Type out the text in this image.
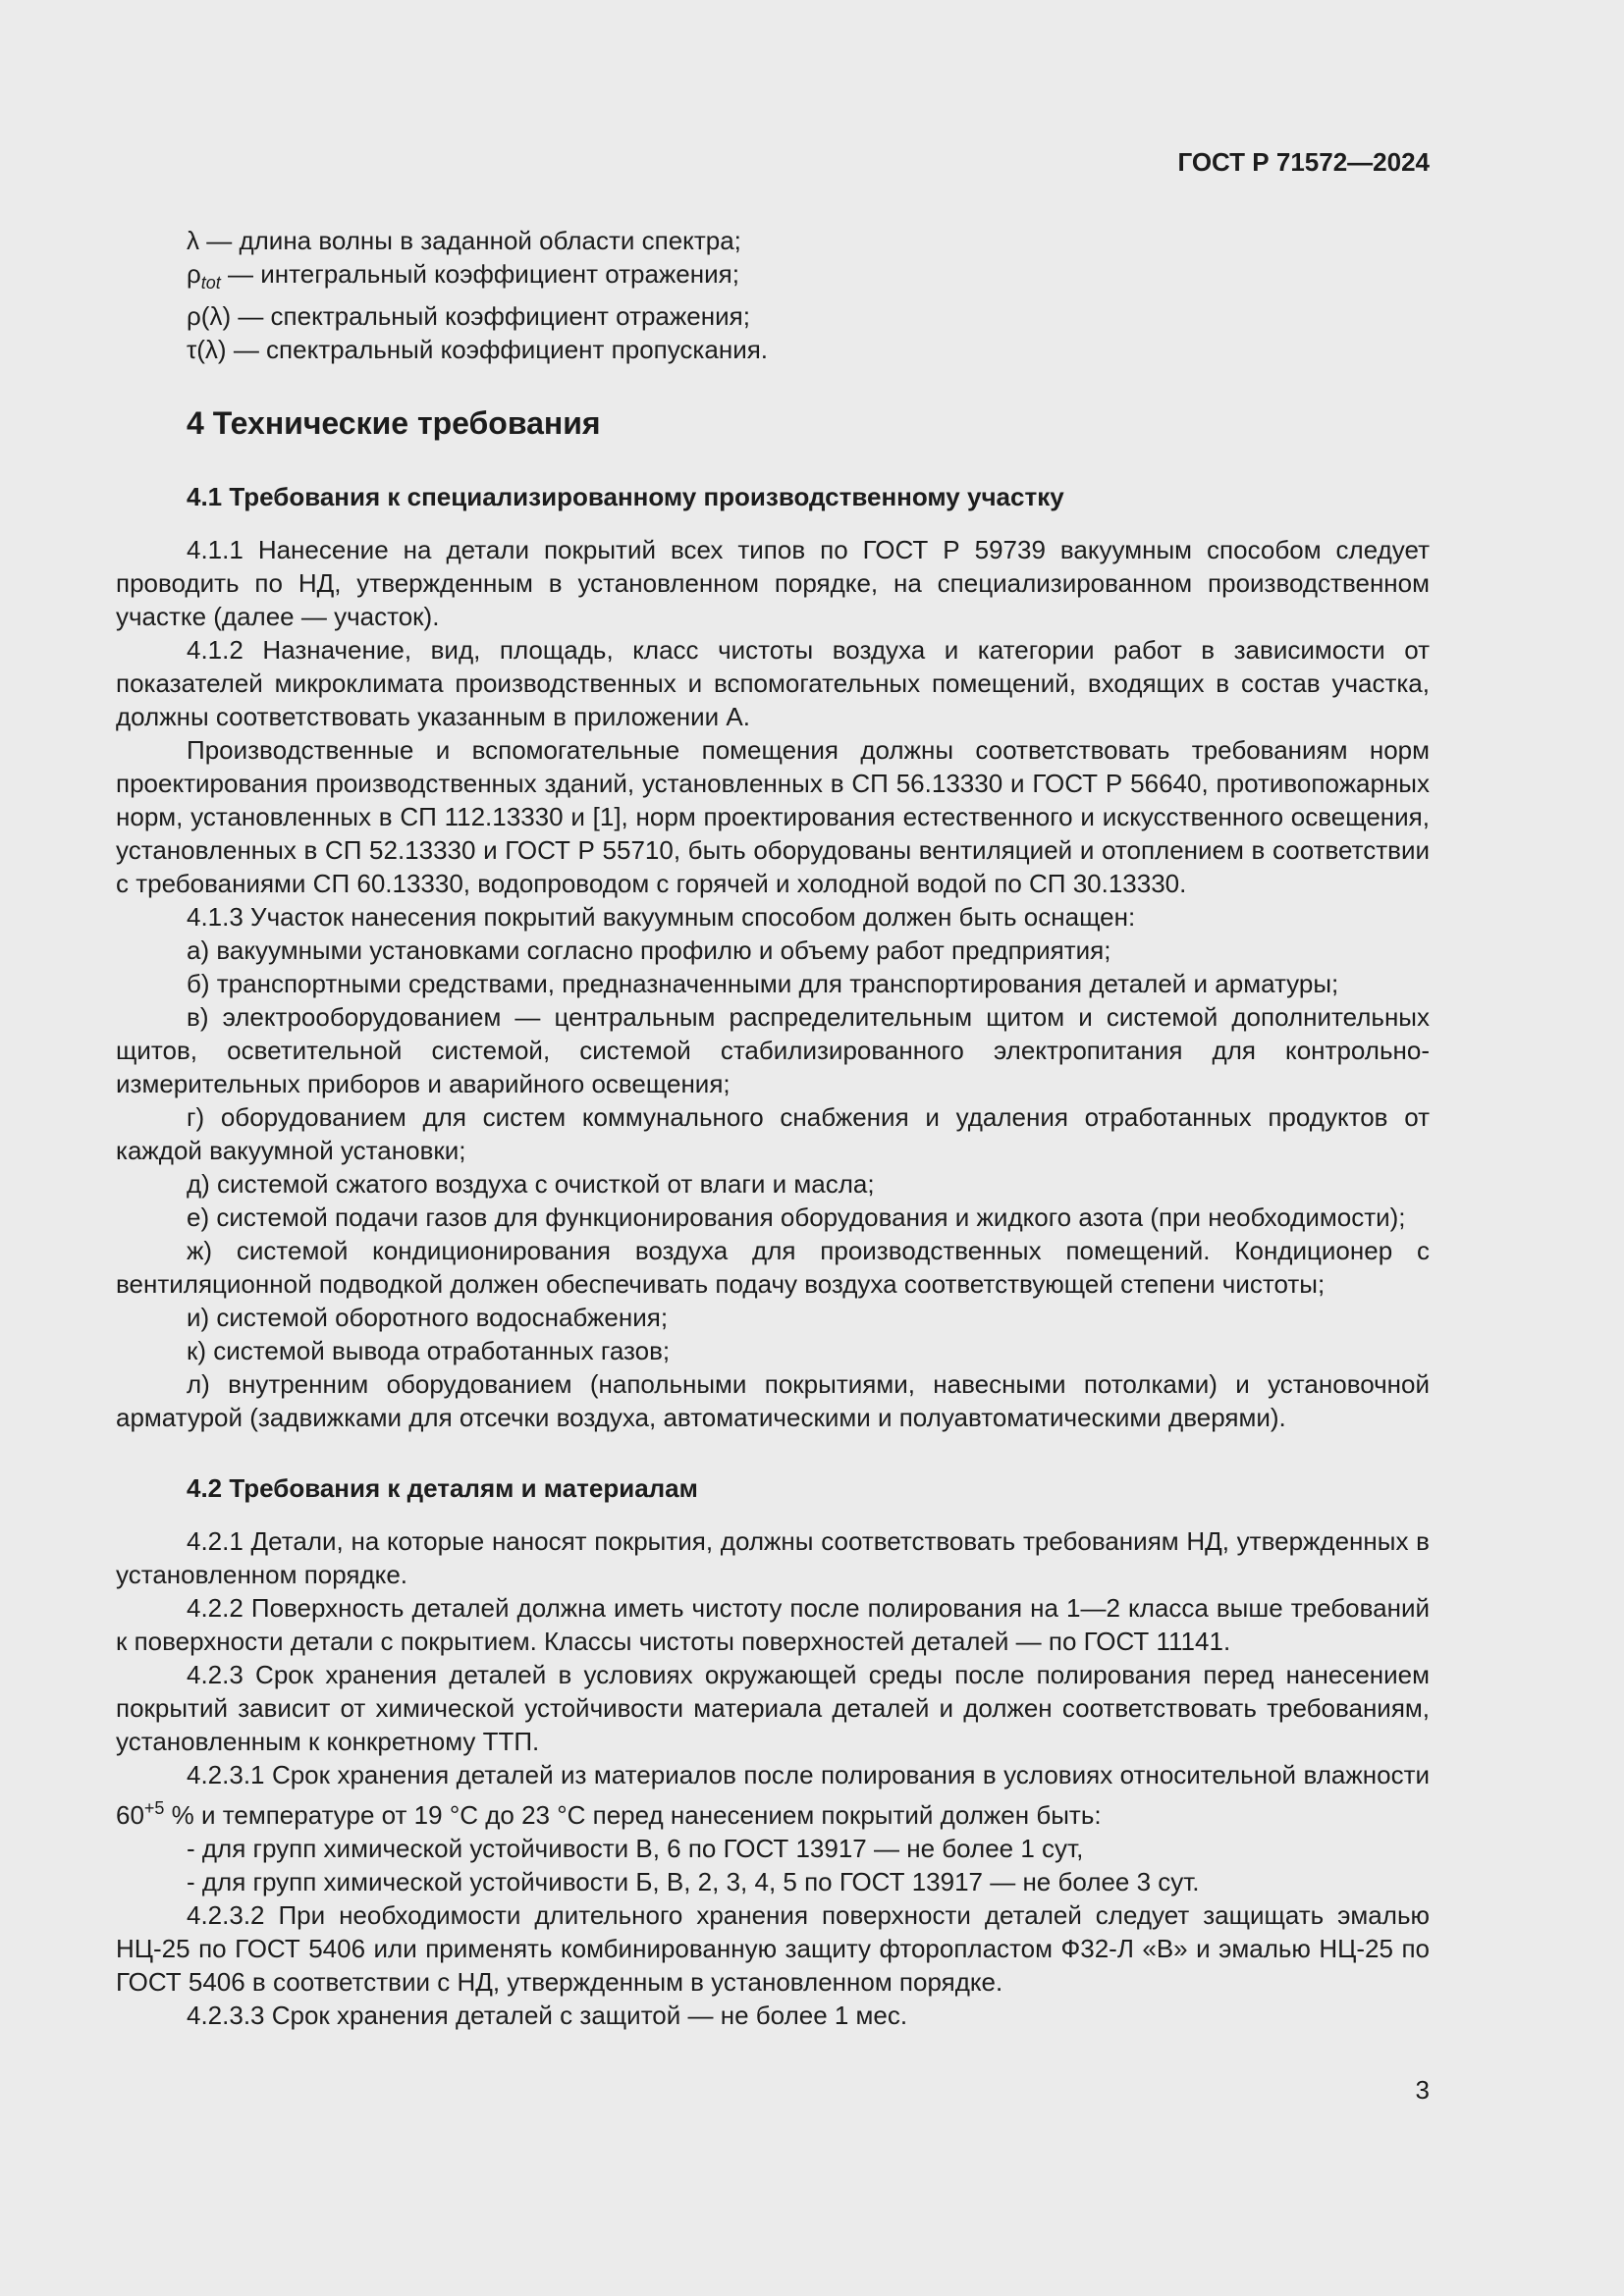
ГОСТ Р 71572—2024

λ — длина волны в заданной области спектра;

$\rho_{tot}$ — интегральный коэффициент отражения;

ρ(λ) — спектральный коэффициент отражения;

τ(λ) — спектральный коэффициент пропускания.

4 Технические требования
4.1 Требования к специализированному производственному участку

4.1.1 Нанесение на детали покрытий всех типов по ГОСТ Р 59739 вакуумным способом следует проводить по НД, утвержденным в установленном порядке, на специализированном производственном участке (далее — участок).

4.1.2 Назначение, вид, площадь, класс чистоты воздуха и категории работ в зависимости от показателей микроклимата производственных и вспомогательных помещений, входящих в состав участка, должны соответствовать указанным в приложении А.

Производственные и вспомогательные помещения должны соответствовать требованиям норм проектирования производственных зданий, установленных в СП 56.13330 и ГОСТ Р 56640, противопожарных норм, установленных в СП 112.13330 и [1], норм проектирования естественного и искусственного освещения, установленных в СП 52.13330 и ГОСТ Р 55710, быть оборудованы вентиляцией и отоплением в соответствии с требованиями СП 60.13330, водопроводом с горячей и холодной водой по СП 30.13330.

4.1.3 Участок нанесения покрытий вакуумным способом должен быть оснащен:

а) вакуумными установками согласно профилю и объему работ предприятия;

б) транспортными средствами, предназначенными для транспортирования деталей и арматуры;

в) электрооборудованием — центральным распределительным щитом и системой дополнительных щитов, осветительной системой, системой стабилизированного электропитания для контрольно-измерительных приборов и аварийного освещения;

г) оборудованием для систем коммунального снабжения и удаления отработанных продуктов от каждой вакуумной установки;

д) системой сжатого воздуха с очисткой от влаги и масла;

е) системой подачи газов для функционирования оборудования и жидкого азота (при необходимости);

ж) системой кондиционирования воздуха для производственных помещений. Кондиционер с вентиляционной подводкой должен обеспечивать подачу воздуха соответствующей степени чистоты;

и) системой оборотного водоснабжения;

к) системой вывода отработанных газов;

л) внутренним оборудованием (напольными покрытиями, навесными потолками) и установочной арматурой (задвижками для отсечки воздуха, автоматическими и полуавтоматическими дверями).

4.2 Требования к деталям и материалам

4.2.1 Детали, на которые наносят покрытия, должны соответствовать требованиям НД, утвержденных в установленном порядке.

4.2.2 Поверхность деталей должна иметь чистоту после полирования на 1—2 класса выше требований к поверхности детали с покрытием. Классы чистоты поверхностей деталей — по ГОСТ 11141.

4.2.3 Срок хранения деталей в условиях окружающей среды после полирования перед нанесением покрытий зависит от химической устойчивости материала деталей и должен соответствовать требованиям, установленным к конкретному ТТП.

4.2.3.1 Срок хранения деталей из материалов после полирования в условиях относительной влажности $60^{+5}$ % и температуре от 19 °С до 23 °С перед нанесением покрытий должен быть:

- для групп химической устойчивости В, 6 по ГОСТ 13917 — не более 1 сут,

- для групп химической устойчивости Б, В, 2, 3, 4, 5 по ГОСТ 13917 — не более 3 сут.

4.2.3.2 При необходимости длительного хранения поверхности деталей следует защищать эмалью НЦ-25 по ГОСТ 5406 или применять комбинированную защиту фторопластом Ф32-Л «В» и эмалью НЦ-25 по ГОСТ 5406 в соответствии с НД, утвержденным в установленном порядке.

4.2.3.3 Срок хранения деталей с защитой — не более 1 мес.

3
